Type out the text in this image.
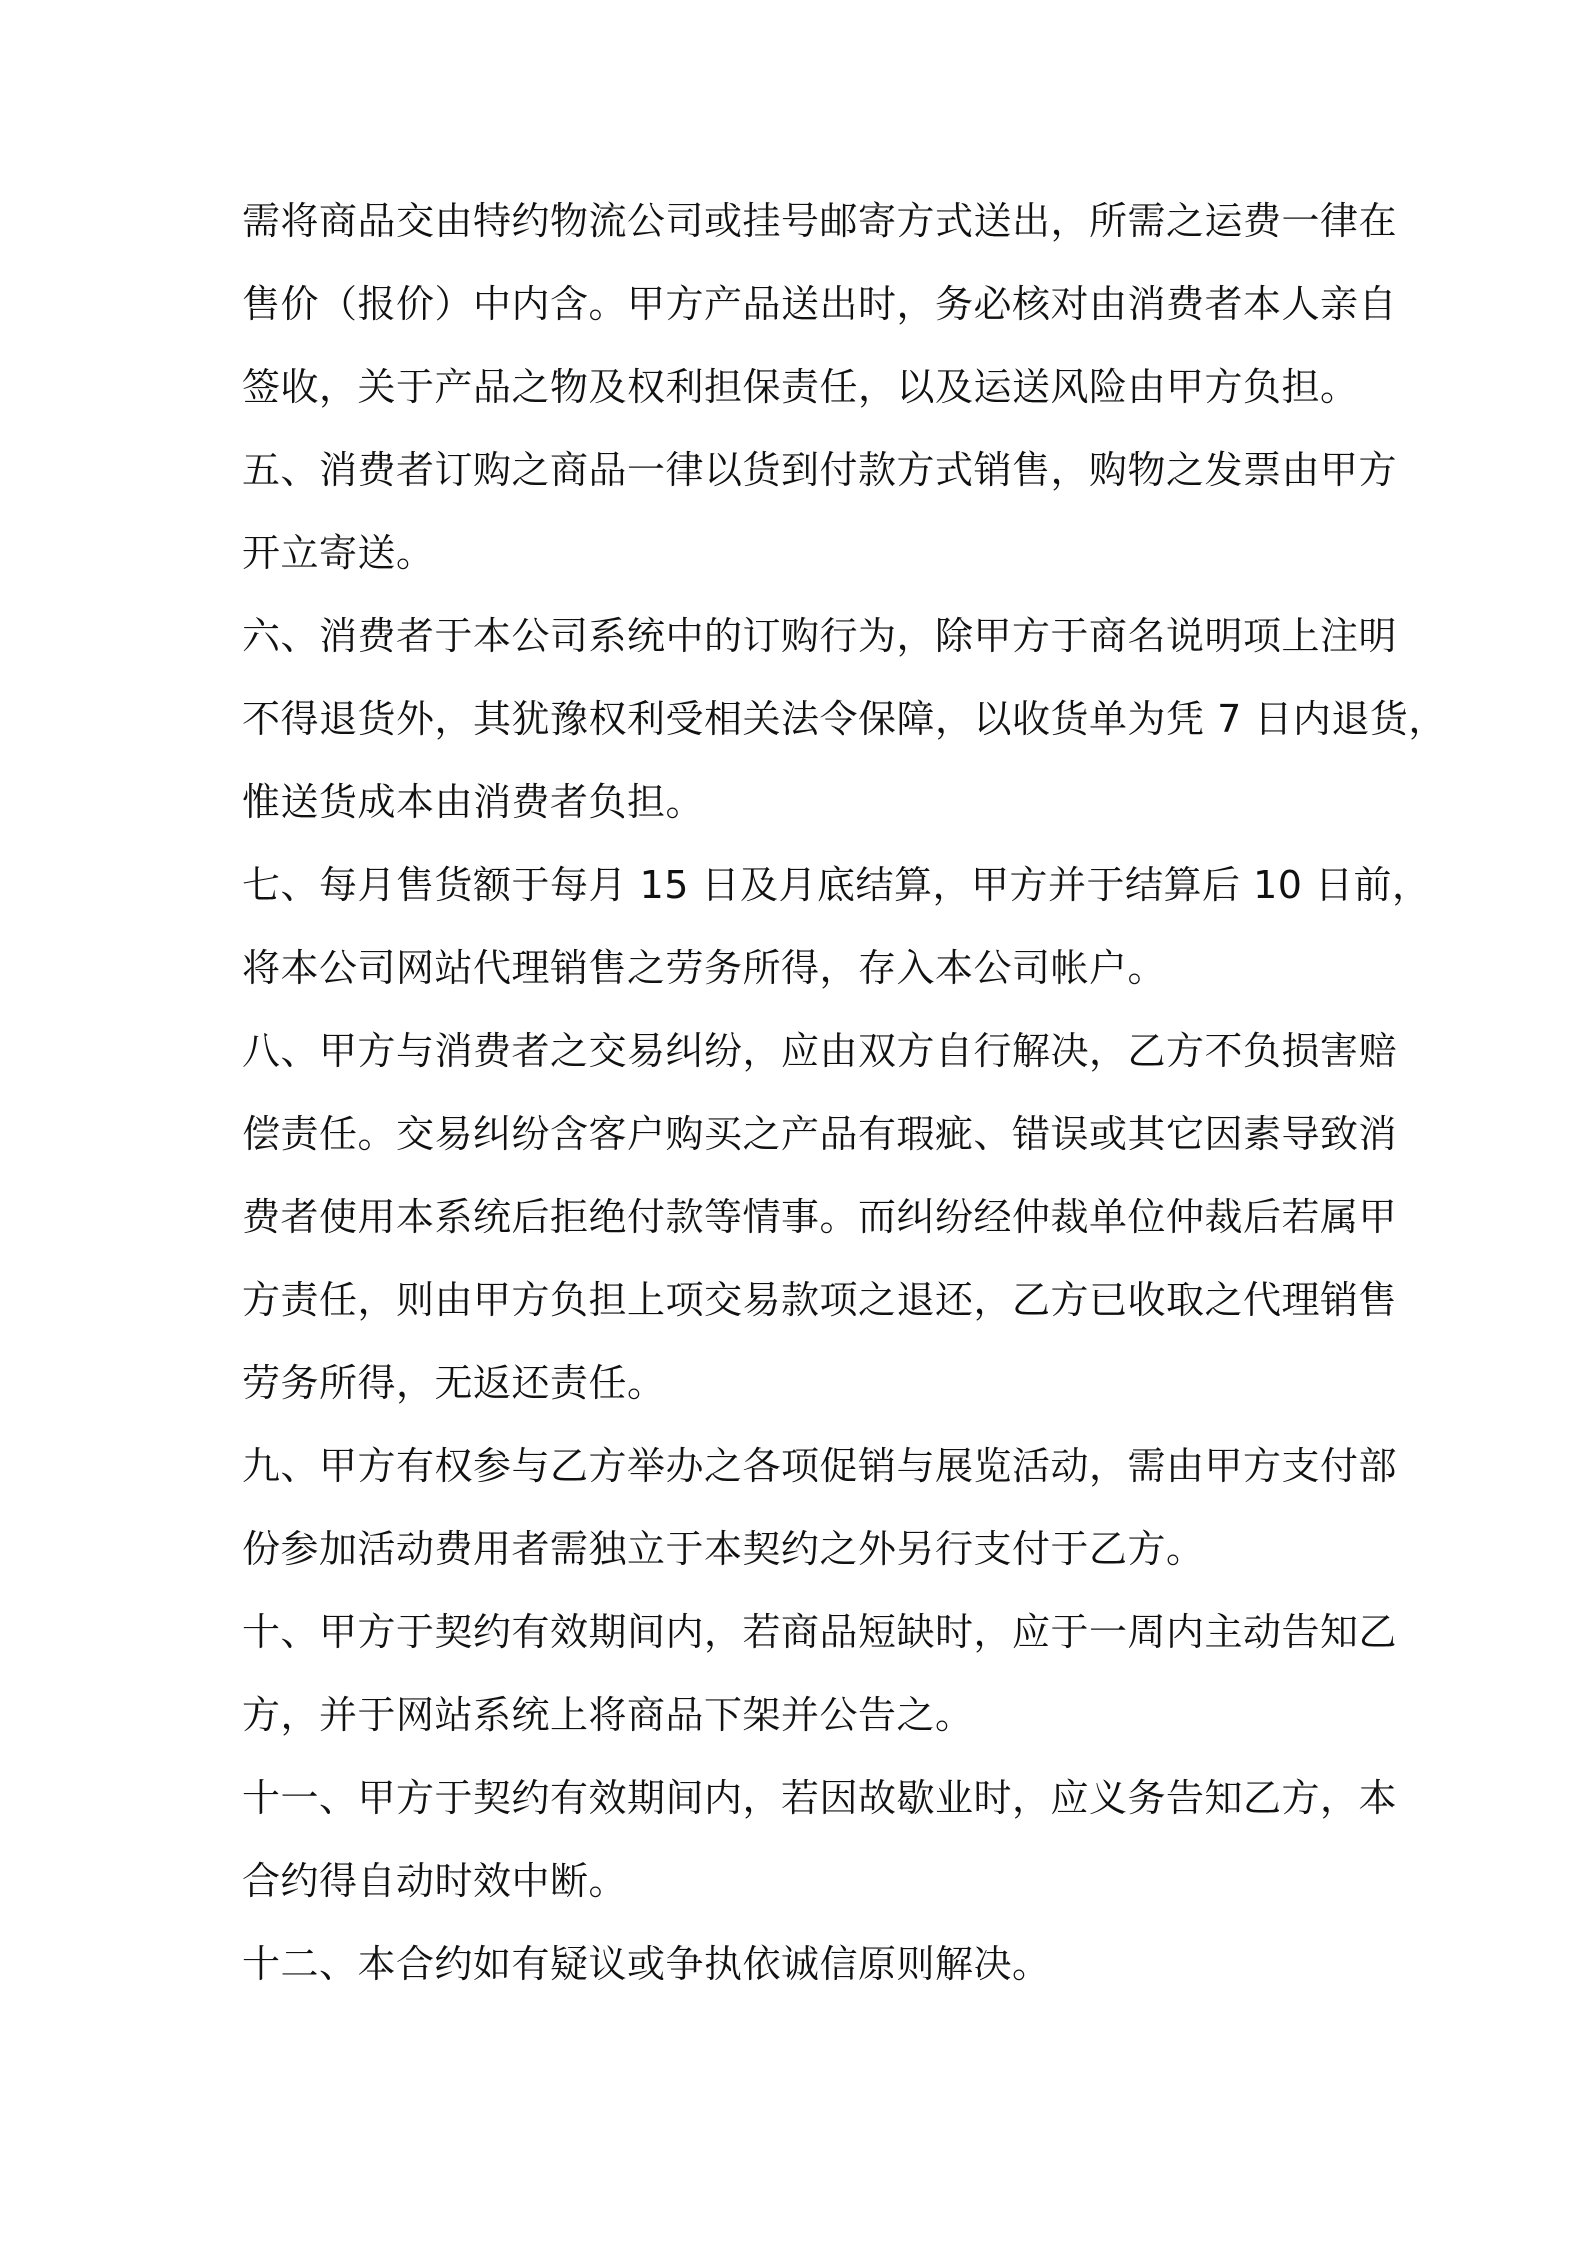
需将商品交由特约物流公司或挂号邮寄方式送出，所需之运费一律在
售价（报价）中内含。甲方产品送出时，务必核对由消费者本人亲自
签收，关于产品之物及权利担保责任，以及运送风险由甲方负担。
五、消费者订购之商品一律以货到付款方式销售，购物之发票由甲方
开立寄送。
六、消费者于本公司系统中的订购行为，除甲方于商名说明项上注明
不得退货外，其犹豫权利受相关法令保障，以收货单为凭 7 日内退货，
惟送货成本由消费者负担。
七、每月售货额于每月 15 日及月底结算，甲方并于结算后 10 日前，
将本公司网站代理销售之劳务所得，存入本公司帐户。
八、甲方与消费者之交易纠纷，应由双方自行解决，乙方不负损害赔
偿责任。交易纠纷含客户购买之产品有瑕疵、错误或其它因素导致消
费者使用本系统后拒绝付款等情事。而纠纷经仲裁单位仲裁后若属甲
方责任，则由甲方负担上项交易款项之退还，乙方已收取之代理销售
劳务所得，无返还责任。
九、甲方有权参与乙方举办之各项促销与展览活动，需由甲方支付部
份参加活动费用者需独立于本契约之外另行支付于乙方。
十、甲方于契约有效期间内，若商品短缺时，应于一周内主动告知乙
方，并于网站系统上将商品下架并公告之。
十一、甲方于契约有效期间内，若因故歇业时，应义务告知乙方，本
合约得自动时效中断。
十二、本合约如有疑议或争执依诚信原则解决。
